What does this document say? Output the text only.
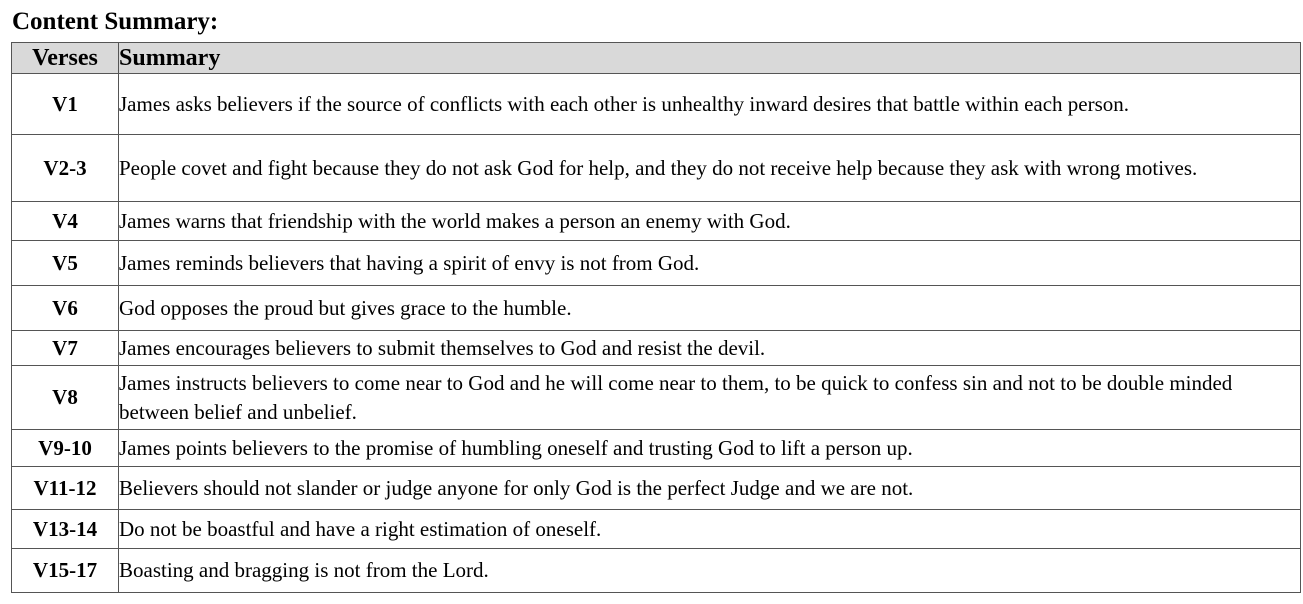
Content Summary:
Verses	Summary
V1	James asks believers if the source of conflicts with each other is unhealthy inward desires that battle within each person.
V2-3	People covet and fight because they do not ask God for help, and they do not receive help because they ask with wrong motives.
V4	James warns that friendship with the world makes a person an enemy with God.
V5	James reminds believers that having a spirit of envy is not from God.
V6	God opposes the proud but gives grace to the humble.
V7	James encourages believers to submit themselves to God and resist the devil.
V8	James instructs believers to come near to God and he will come near to them, to be quick to confess sin and not to be double minded between belief and unbelief.
V9-10	James points believers to the promise of humbling oneself and trusting God to lift a person up.
V11-12	Believers should not slander or judge anyone for only God is the perfect Judge and we are not.
V13-14	Do not be boastful and have a right estimation of oneself.
V15-17	Boasting and bragging is not from the Lord.
